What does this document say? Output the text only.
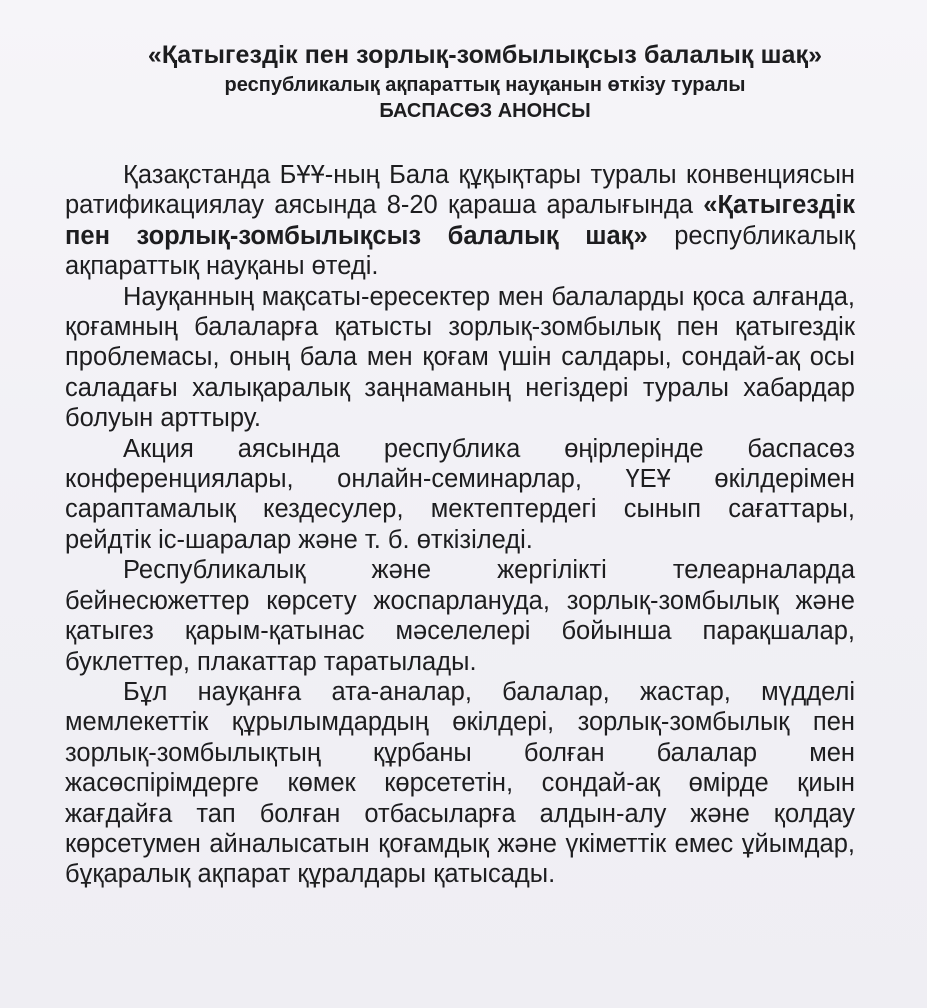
«Қатыгездік пен зорлық-зомбылықсыз балалық шақ»
республикалық ақпараттық науқанын өткізу туралы
БАСПАСӨЗ АНОНСЫ

Қазақстанда БҰҰ-ның Бала құқықтары туралы конвенциясын ратификациялау аясында 8-20 қараша аралығында «Қатыгездік пен зорлық-зомбылықсыз балалық шақ» республикалық ақпараттық науқаны өтеді.

Науқанның мақсаты-ересектер мен балаларды қоса алғанда, қоғамның балаларға қатысты зорлық-зомбылық пен қатыгездік проблемасы, оның бала мен қоғам үшін салдары, сондай-ақ осы саладағы халықаралық заңнаманың негіздері туралы хабардар болуын арттыру.

Акция аясында республика өңірлерінде баспасөз конференциялары, онлайн-семинарлар, ҮЕҰ өкілдерімен сараптамалық кездесулер, мектептердегі сынып сағаттары, рейдтік іс-шаралар және т. б. өткізіледі.

Республикалық және жергілікті телеарналарда бейнесюжеттер көрсету жоспарлануда, зорлық-зомбылық және қатыгез қарым-қатынас мәселелері бойынша парақшалар, буклеттер, плакаттар таратылады.

Бұл науқанға ата-аналар, балалар, жастар, мүдделі мемлекеттік құрылымдардың өкілдері, зорлық-зомбылық пен зорлық-зомбылықтың құрбаны болған балалар мен жасөспірімдерге көмек көрсететін, сондай-ақ өмірде қиын жағдайға тап болған отбасыларға алдын-алу және қолдау көрсетумен айналысатын қоғамдық және үкіметтік емес ұйымдар, бұқаралық ақпарат құралдары қатысады.
